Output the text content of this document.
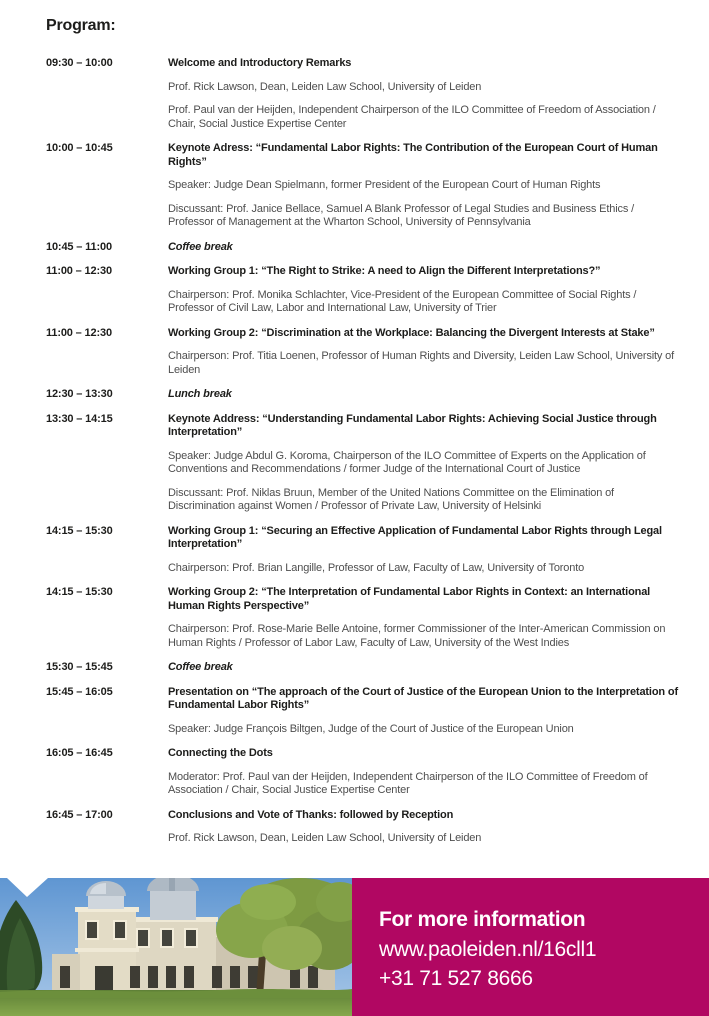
Program:
09:30 – 10:00	Welcome and Introductory Remarks

Prof. Rick Lawson, Dean, Leiden Law School, University of Leiden

Prof. Paul van der Heijden, Independent Chairperson of the ILO Committee of Freedom of Association / Chair, Social Justice Expertise Center

10:00 – 10:45	Keynote Adress: “Fundamental Labor Rights: The Contribution of the European Court of Human Rights”

Speaker: Judge Dean Spielmann, former President of the European Court of Human Rights

Discussant: Prof. Janice Bellace, Samuel A Blank Professor of Legal Studies and Business Ethics / Professor of Management at the Wharton School, University of Pennsylvania

10:45 – 11:00	Coffee break

11:00 – 12:30	Working Group 1: “The Right to Strike: A need to Align the Different Interpretations?”

Chairperson: Prof. Monika Schlachter, Vice-President of the European Committee of Social Rights / Professor of Civil Law, Labor and International Law, University of Trier

11:00 – 12:30	Working Group 2: “Discrimination at the Workplace: Balancing the Divergent Interests at Stake”

Chairperson: Prof. Titia Loenen, Professor of Human Rights and Diversity, Leiden Law School, University of Leiden

12:30 – 13:30	Lunch break

13:30 – 14:15	Keynote Address: “Understanding Fundamental Labor Rights: Achieving Social Justice through Interpretation”

Speaker: Judge Abdul G. Koroma, Chairperson of the ILO Committee of Experts on the Application of Conventions and Recommendations / former Judge of the International Court of Justice

Discussant: Prof. Niklas Bruun, Member of the United Nations Committee on the Elimination of Discrimination against Women / Professor of Private Law, University of Helsinki

14:15 – 15:30	Working Group 1: “Securing an Effective Application of Fundamental Labor Rights through Legal Interpretation”

Chairperson: Prof. Brian Langille, Professor of Law, Faculty of Law, University of Toronto

14:15 – 15:30	Working Group 2: “The Interpretation of Fundamental Labor Rights in Context: an International Human Rights Perspective”

Chairperson: Prof. Rose-Marie Belle Antoine, former Commissioner of the Inter-American Commission on Human Rights / Professor of Labor Law, Faculty of Law, University of the West Indies

15:30 – 15:45	Coffee break

15:45 – 16:05	Presentation on “The approach of the Court of Justice of the European Union to the Interpretation of Fundamental Labor Rights”

Speaker: Judge François Biltgen, Judge of the Court of Justice of the European Union

16:05 – 16:45	Connecting the Dots

Moderator: Prof. Paul van der Heijden, Independent Chairperson of the ILO Committee of Freedom of Association / Chair, Social Justice Expertise Center

16:45 – 17:00	Conclusions and Vote of Thanks: followed by Reception

Prof. Rick Lawson, Dean, Leiden Law School, University of Leiden

For more information

www.paoleiden.nl/16cll1

+31 71 527 8666
